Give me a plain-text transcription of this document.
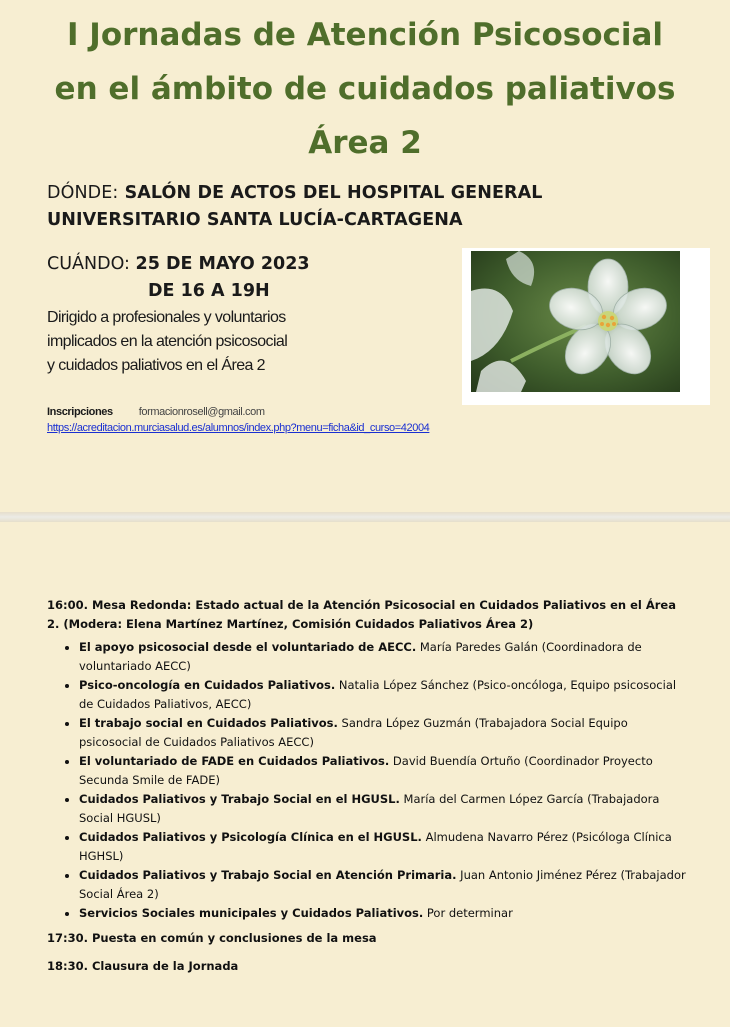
I Jornadas de Atención Psicosocial
en el ámbito de cuidados paliativos
Área 2
DÓNDE: SALÓN DE ACTOS DEL HOSPITAL GENERAL
UNIVERSITARIO SANTA LUCÍA-CARTAGENA
CUÁNDO: 25 DE MAYO 2023
DE 16 A 19H
Dirigido a profesionales y voluntarios
implicados en la atención psicosocial
y cuidados paliativos en el Área 2
Inscripciones formacionrosell@gmail.com
https://acreditacion.murciasalud.es/alumnos/index.php?menu=ficha&id_curso=42004
16:00. Mesa Redonda: Estado actual de la Atención Psicosocial en Cuidados Paliativos en el Área 2. (Modera: Elena Martínez Martínez, Comisión Cuidados Paliativos Área 2)
• El apoyo psicosocial desde el voluntariado de AECC. María Paredes Galán (Coordinadora de voluntariado AECC)
• Psico-oncología en Cuidados Paliativos. Natalia López Sánchez (Psico-oncóloga, Equipo psicosocial de Cuidados Paliativos, AECC)
• El trabajo social en Cuidados Paliativos. Sandra López Guzmán (Trabajadora Social Equipo psicosocial de Cuidados Paliativos AECC)
• El voluntariado de FADE en Cuidados Paliativos. David Buendía Ortuño (Coordinador Proyecto Secunda Smile de FADE)
• Cuidados Paliativos y Trabajo Social en el HGUSL. María del Carmen López García (Trabajadora Social HGUSL)
• Cuidados Paliativos y Psicología Clínica en el HGUSL. Almudena Navarro Pérez (Psicóloga Clínica HGHSL)
• Cuidados Paliativos y Trabajo Social en Atención Primaria. Juan Antonio Jiménez Pérez (Trabajador Social Área 2)
• Servicios Sociales municipales y Cuidados Paliativos. Por determinar
17:30. Puesta en común y conclusiones de la mesa
18:30. Clausura de la Jornada
